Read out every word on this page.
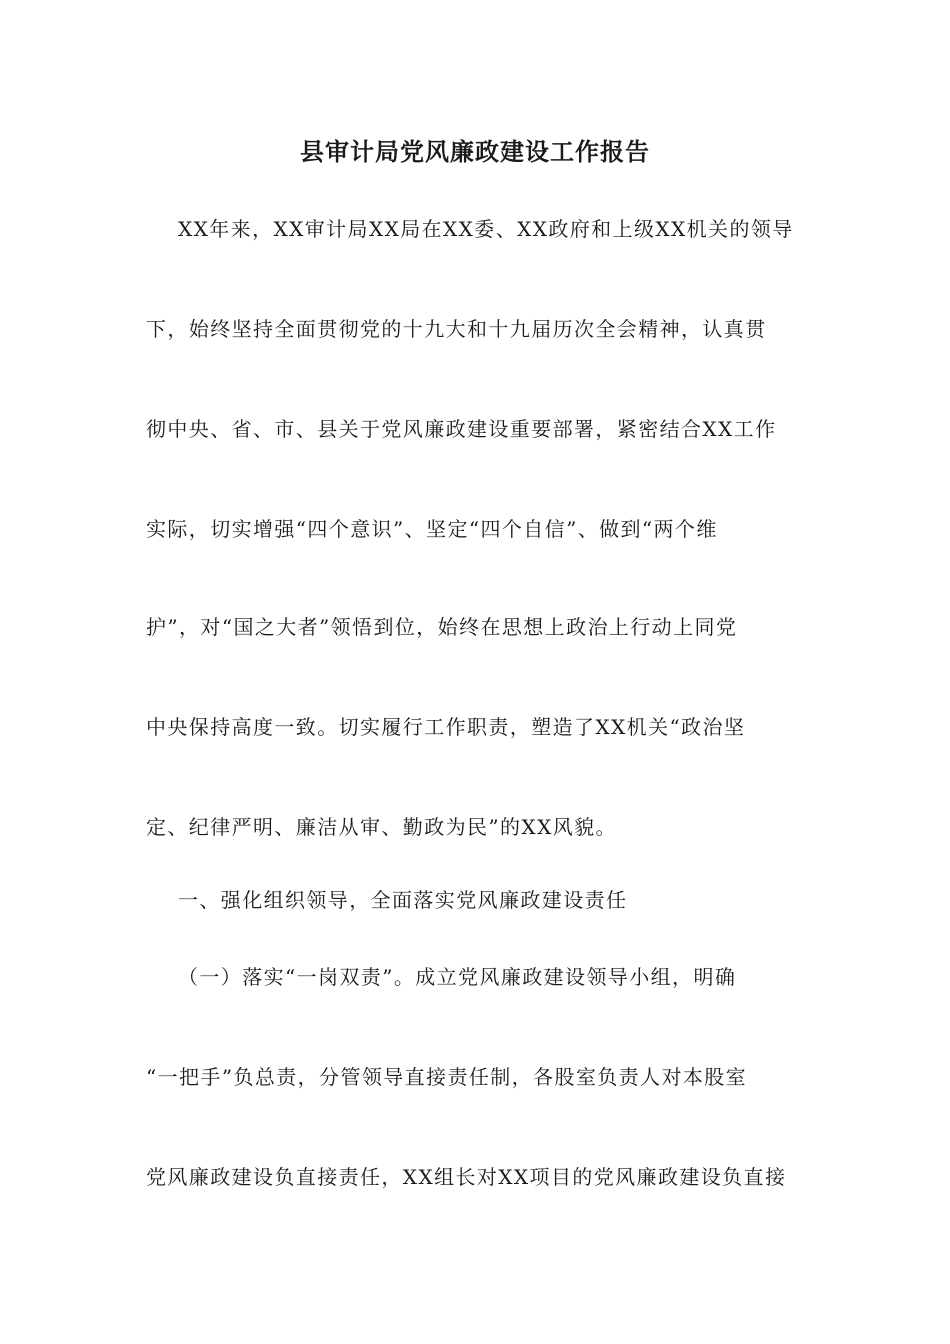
县审计局党风廉政建设工作报告
XX年来，XX审计局XX局在XX委、XX政府和上级XX机关的领导
下，始终坚持全面贯彻党的十九大和十九届历次全会精神，认真贯
彻中央、省、市、县关于党风廉政建设重要部署，紧密结合XX工作
实际，切实增强“四个意识”、坚定“四个自信”、做到“两个维
护”，对“国之大者”领悟到位，始终在思想上政治上行动上同党
中央保持高度一致。切实履行工作职责，塑造了XX机关“政治坚
定、纪律严明、廉洁从审、勤政为民”的XX风貌。
一、强化组织领导，全面落实党风廉政建设责任
（一）落实“一岗双责”。成立党风廉政建设领导小组，明确
“一把手”负总责，分管领导直接责任制，各股室负责人对本股室
党风廉政建设负直接责任，XX组长对XX项目的党风廉政建设负直接
